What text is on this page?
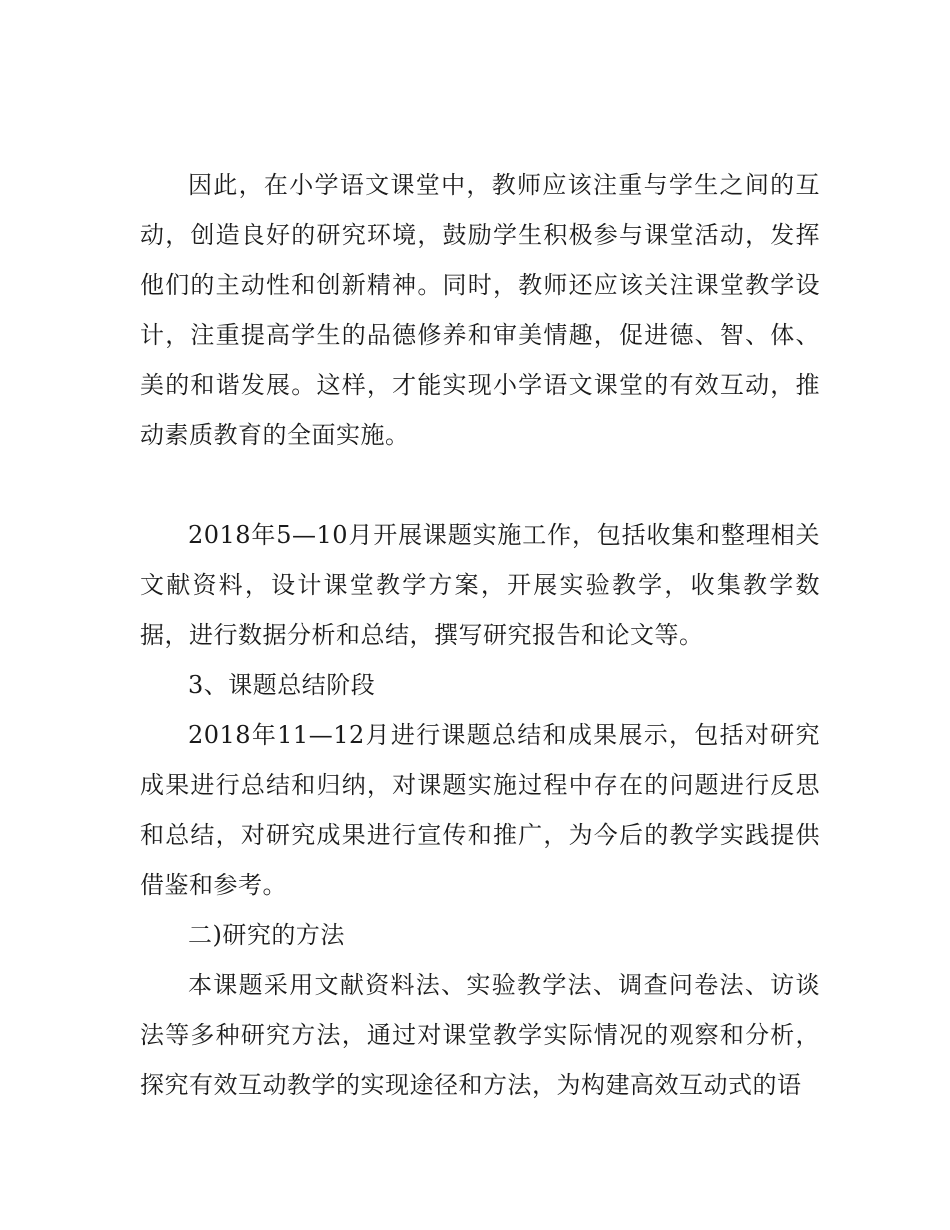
因此，在小学语文课堂中，教师应该注重与学生之间的互动，创造良好的研究环境，鼓励学生积极参与课堂活动，发挥他们的主动性和创新精神。同时，教师还应该关注课堂教学设计，注重提高学生的品德修养和审美情趣，促进德、智、体、美的和谐发展。这样，才能实现小学语文课堂的有效互动，推动素质教育的全面实施。

2018年5—10月开展课题实施工作，包括收集和整理相关文献资料，设计课堂教学方案，开展实验教学，收集教学数据，进行数据分析和总结，撰写研究报告和论文等。

3、课题总结阶段

2018年11—12月进行课题总结和成果展示，包括对研究成果进行总结和归纳，对课题实施过程中存在的问题进行反思和总结，对研究成果进行宣传和推广，为今后的教学实践提供借鉴和参考。

二)研究的方法

本课题采用文献资料法、实验教学法、调查问卷法、访谈法等多种研究方法，通过对课堂教学实际情况的观察和分析，探究有效互动教学的实现途径和方法，为构建高效互动式的语
